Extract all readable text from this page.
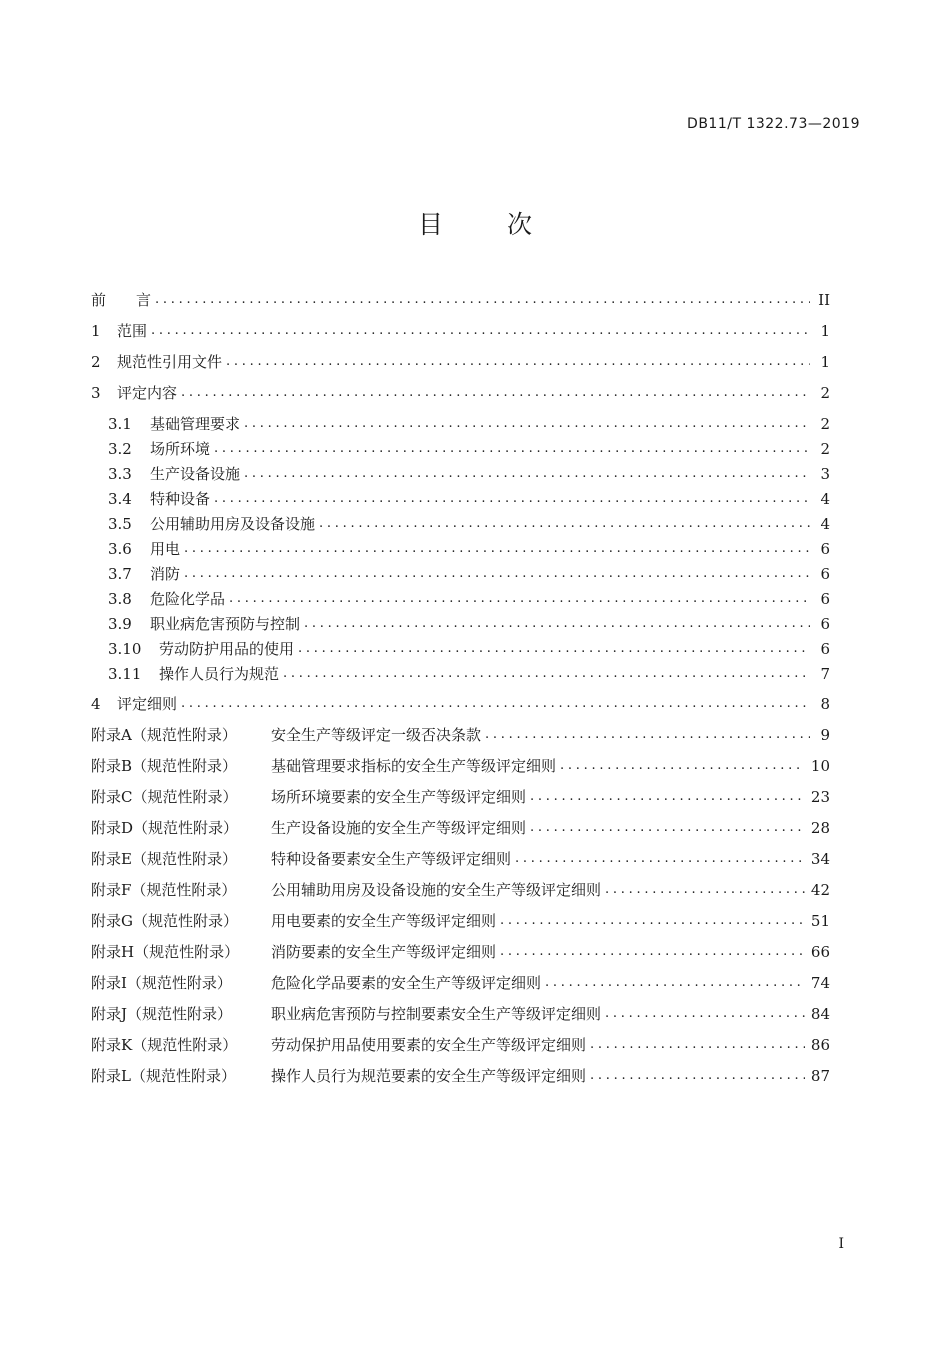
DB11/T 1322.73—2019
目	次
前　　言 . . .	II
1 范围 . . .	1
2 规范性引用文件 . . .	1
3 评定内容 . . .	2
3.1 基础管理要求 . . .	2
3.2 场所环境 . . .	2
3.3 生产设备设施 . . .	3
3.4 特种设备 . . .	4
3.5 公用辅助用房及设备设施 . . .	4
3.6 用电 . . .	6
3.7 消防 . . .	6
3.8 危险化学品 . . .	6
3.9 职业病危害预防与控制 . . .	6
3.10 劳动防护用品的使用 . . .	6
3.11 操作人员行为规范 . . .	7
4 评定细则 . . .	8
附录A（规范性附录） 安全生产等级评定一级否决条款 . . .	9
附录B（规范性附录） 基础管理要求指标的安全生产等级评定细则 . . .	10
附录C（规范性附录） 场所环境要素的安全生产等级评定细则 . . .	23
附录D（规范性附录） 生产设备设施的安全生产等级评定细则 . . .	28
附录E（规范性附录） 特种设备要素安全生产等级评定细则 . . .	34
附录F（规范性附录） 公用辅助用房及设备设施的安全生产等级评定细则 . . .	42
附录G（规范性附录） 用电要素的安全生产等级评定细则 . . .	51
附录H（规范性附录） 消防要素的安全生产等级评定细则 . . .	66
附录I（规范性附录）	危险化学品要素的安全生产等级评定细则 . . .	74
附录J（规范性附录）	职业病危害预防与控制要素安全生产等级评定细则 . . .	84
附录K（规范性附录） 劳动保护用品使用要素的安全生产等级评定细则 . . .	86
附录L（规范性附录） 操作人员行为规范要素的安全生产等级评定细则 . . .	87
I
